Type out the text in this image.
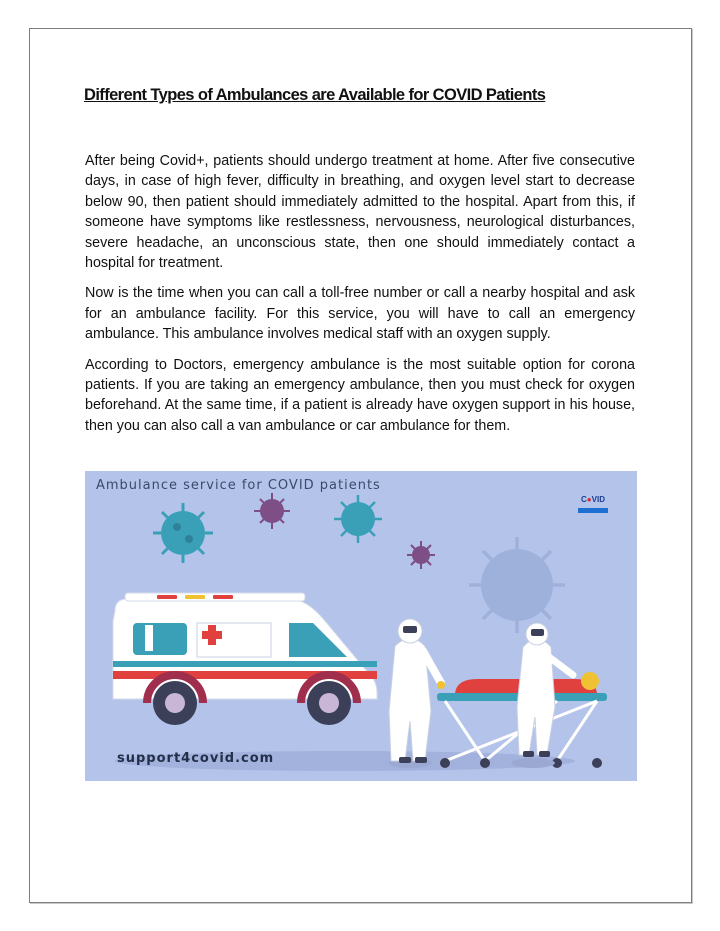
Different Types of Ambulances are Available for COVID Patients

After being Covid+, patients should undergo treatment at home. After five consecutive days, in case of high fever, difficulty in breathing, and oxygen level start to decrease below 90, then patient should immediately admitted to the hospital. Apart from this, if someone have symptoms like restlessness, nervousness, neurological disturbances, severe headache, an unconscious state, then one should immediately contact a hospital for treatment.

Now is the time when you can call a toll-free number or call a nearby hospital and ask for an ambulance facility. For this service, you will have to call an emergency ambulance. This ambulance involves medical staff with an oxygen supply.

According to Doctors, emergency ambulance is the most suitable option for corona patients. If you are taking an emergency ambulance, then you must check for oxygen beforehand. At the same time, if a patient is already have oxygen support in his house, then you can also call a van ambulance or car ambulance for them.

Ambulance service for COVID patients
C●VID
support4covid.com
